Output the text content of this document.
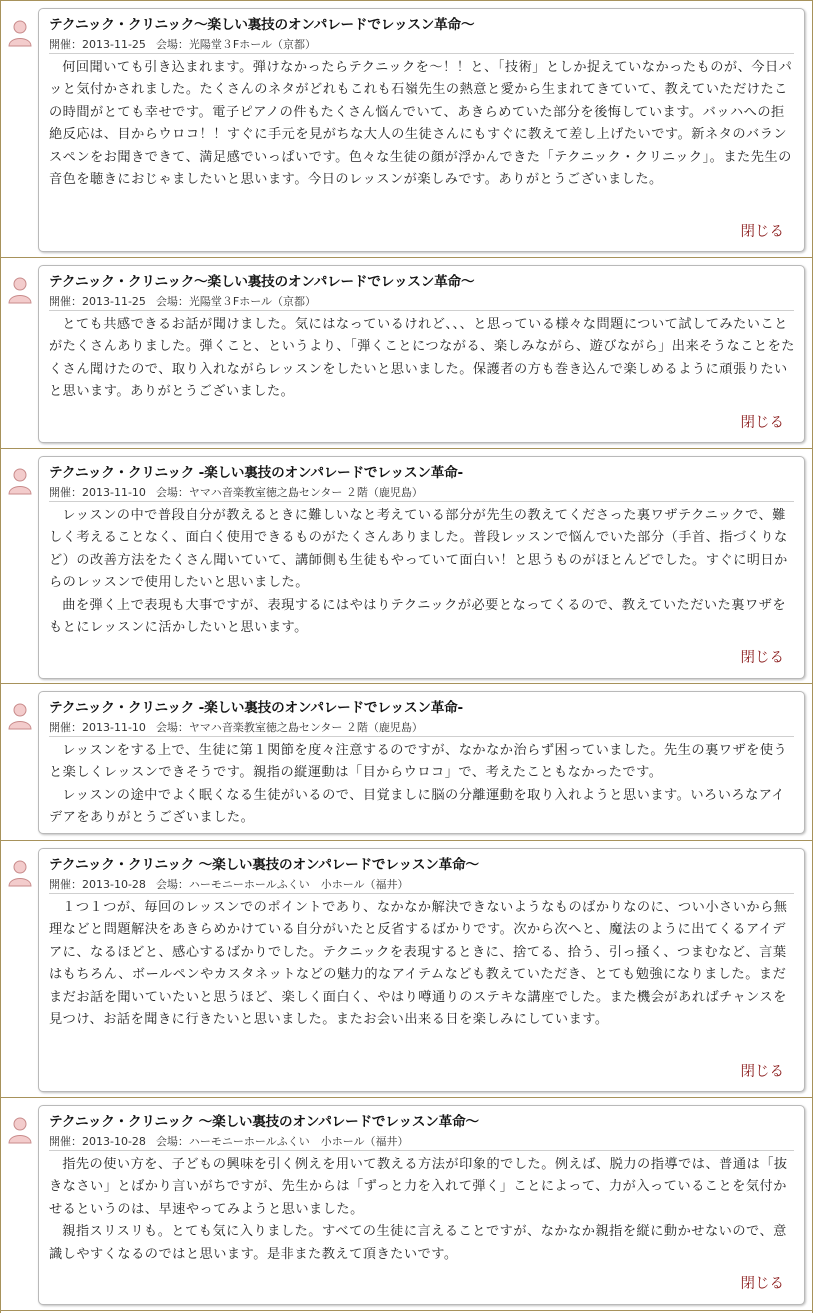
テクニック・クリニック～楽しい裏技のオンパレードでレッスン革命～
開催：2013-11-25 会場：光陽堂３Fホール（京都）

何回聞いても引き込まれます。弾けなかったらテクニックを～！！と、「技術」としか捉えていなかったものが、今日パッと気付かされました。たくさんのネタがどれもこれも石嶺先生の熱意と愛から生まれてきていて、教えていただけたこの時間がとても幸せです。電子ピアノの件もたくさん悩んでいて、あきらめていた部分を後悔しています。バッハへの拒絶反応は、目からウロコ！！すぐに手元を見がちな大人の生徒さんにもすぐに教えて差し上げたいです。新ネタのバランスペンをお聞きできて、満足感でいっぱいです。色々な生徒の顔が浮かんできた「テクニック・クリニック」。また先生の音色を聴きにおじゃましたいと思います。今日のレッスンが楽しみです。ありがとうございました。

閉じる
テクニック・クリニック～楽しい裏技のオンパレードでレッスン革命～
開催：2013-11-25 会場：光陽堂３Fホール（京都）

とても共感できるお話が聞けました。気にはなっているけれど、、、と思っている様々な問題について試してみたいことがたくさんありました。弾くこと、というより、「弾くことにつながる、楽しみながら、遊びながら」出来そうなことをたくさん聞けたので、取り入れながらレッスンをしたいと思いました。保護者の方も巻き込んで楽しめるように頑張りたいと思います。ありがとうございました。

閉じる
テクニック・クリニック -楽しい裏技のオンパレードでレッスン革命-
開催：2013-11-10 会場：ヤマハ音楽教室徳之島センター ２階（鹿児島）

レッスンの中で普段自分が教えるときに難しいなと考えている部分が先生の教えてくださった裏ワザテクニックで、難しく考えることなく、面白く使用できるものがたくさんありました。普段レッスンで悩んでいた部分（手首、指づくりなど）の改善方法をたくさん聞いていて、講師側も生徒もやっていて面白い！と思うものがほとんどでした。すぐに明日からのレッスンで使用したいと思いました。

曲を弾く上で表現も大事ですが、表現するにはやはりテクニックが必要となってくるので、教えていただいた裏ワザをもとにレッスンに活かしたいと思います。

閉じる
テクニック・クリニック -楽しい裏技のオンパレードでレッスン革命-
開催：2013-11-10 会場：ヤマハ音楽教室徳之島センター ２階（鹿児島）

レッスンをする上で、生徒に第１関節を度々注意するのですが、なかなか治らず困っていました。先生の裏ワザを使うと楽しくレッスンできそうです。親指の縦運動は「目からウロコ」で、考えたこともなかったです。

レッスンの途中でよく眠くなる生徒がいるので、目覚ましに脳の分離運動を取り入れようと思います。いろいろなアイデアをありがとうございました。

テクニック・クリニック ～楽しい裏技のオンパレードでレッスン革命～
開催：2013-10-28 会場：ハーモニーホールふくい　小ホール（福井）

１つ１つが、毎回のレッスンでのポイントであり、なかなか解決できないようなものばかりなのに、つい小さいから無理などと問題解決をあきらめかけている自分がいたと反省するばかりです。次から次へと、魔法のように出てくるアイデアに、なるほどと、感心するばかりでした。テクニックを表現するときに、捨てる、拾う、引っ掻く、つまむなど、言葉はもちろん、ボールペンやカスタネットなどの魅力的なアイテムなども教えていただき、とても勉強になりました。まだまだお話を聞いていたいと思うほど、楽しく面白く、やはり噂通りのステキな講座でした。また機会があればチャンスを見つけ、お話を聞きに行きたいと思いました。またお会い出来る日を楽しみにしています。

閉じる
テクニック・クリニック ～楽しい裏技のオンパレードでレッスン革命～
開催：2013-10-28 会場：ハーモニーホールふくい　小ホール（福井）

指先の使い方を、子どもの興味を引く例えを用いて教える方法が印象的でした。例えば、脱力の指導では、普通は「抜きなさい」とばかり言いがちですが、先生からは「ずっと力を入れて弾く」ことによって、力が入っていることを気付かせるというのは、早速やってみようと思いました。

親指スリスリも。とても気に入りました。すべての生徒に言えることですが、なかなか親指を縦に動かせないので、意識しやすくなるのではと思います。是非また教えて頂きたいです。

閉じる
